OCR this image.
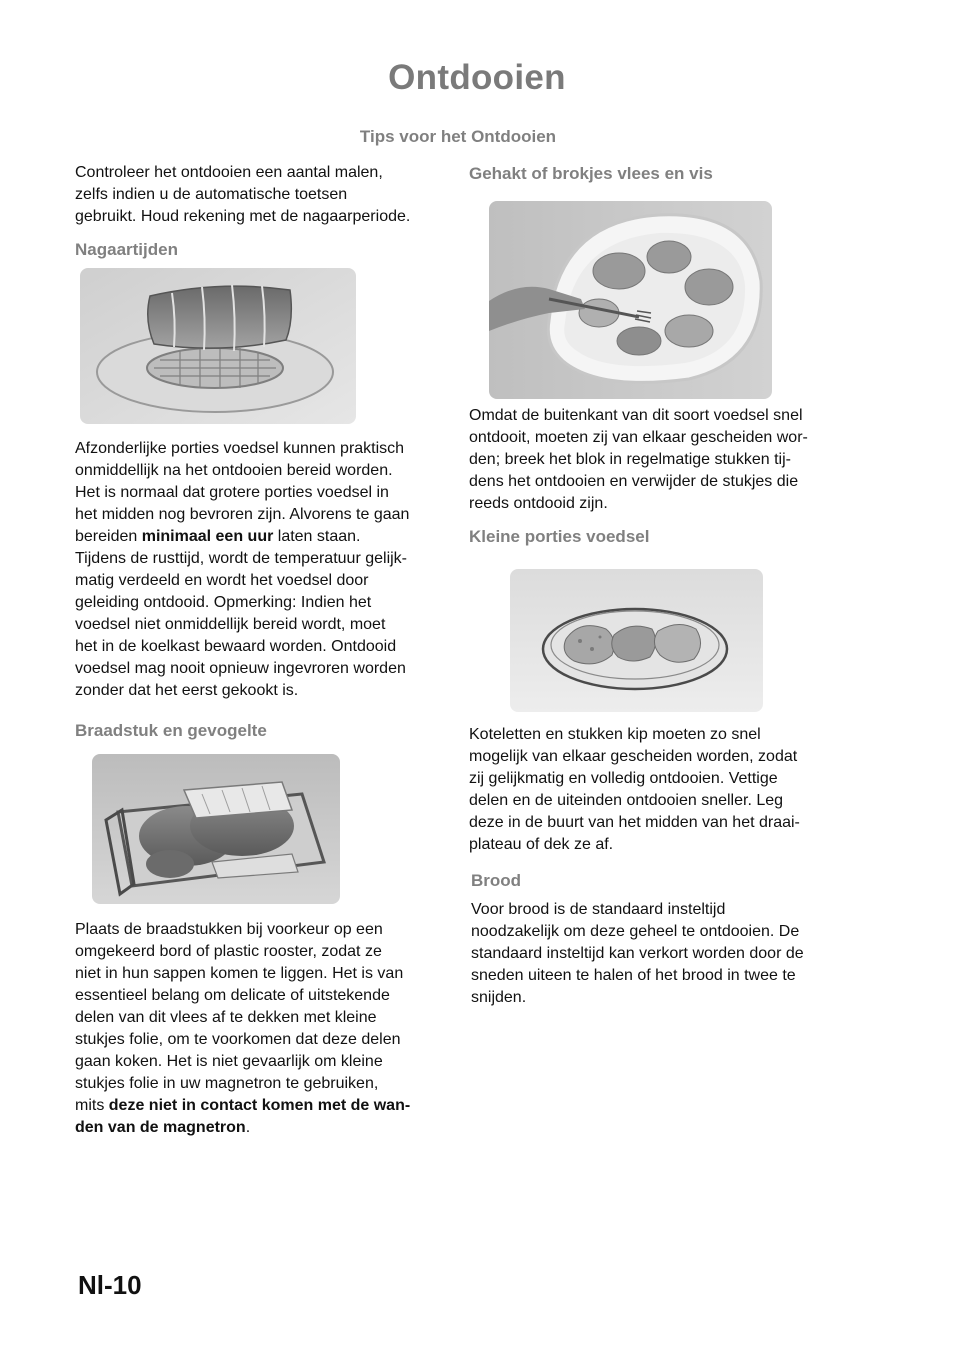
Ontdooien
Tips voor het Ontdooien
Controleer het ontdooien een aantal malen,
zelfs indien u de automatische toetsen
gebruikt. Houd rekening met de nagaarperiode.
Nagaartijden
Afzonderlijke porties voedsel kunnen praktisch
onmiddellijk na het ontdooien bereid worden.
Het is normaal dat grotere porties voedsel in
het midden nog bevroren zijn. Alvorens te gaan
bereiden minimaal een uur laten staan.
Tijdens de rusttijd, wordt de temperatuur gelijk-
matig verdeeld en wordt het voedsel door
geleiding ontdooid. Opmerking: Indien het
voedsel niet onmiddellijk bereid wordt, moet
het in de koelkast bewaard worden. Ontdooid
voedsel mag nooit opnieuw ingevroren worden
zonder dat het eerst gekookt is.
Braadstuk en gevogelte
Plaats de braadstukken bij voorkeur op een
omgekeerd bord of plastic rooster, zodat ze
niet in hun sappen komen te liggen. Het is van
essentieel belang om delicate of uitstekende
delen van dit vlees af te dekken met kleine
stukjes folie, om te voorkomen dat deze delen
gaan koken. Het is niet gevaarlijk om kleine
stukjes folie in uw magnetron te gebruiken,
mits deze niet in contact komen met de wan-
den van de magnetron.
Gehakt of brokjes vlees en vis
Omdat de buitenkant van dit soort voedsel snel
ontdooit, moeten zij van elkaar gescheiden wor-
den; breek het blok in regelmatige stukken tij-
dens het ontdooien en verwijder de stukjes die
reeds ontdooid zijn.
Kleine porties voedsel
Koteletten en stukken kip moeten zo snel
mogelijk van elkaar gescheiden worden, zodat
zij gelijkmatig en volledig ontdooien. Vettige
delen en de uiteinden ontdooien sneller. Leg
deze in de buurt van het midden van het draai-
plateau of dek ze af.
Brood
Voor brood is de standaard insteltijd
noodzakelijk om deze geheel te ontdooien. De
standaard insteltijd kan verkort worden door de
sneden uiteen te halen of het brood in twee te
snijden.
Nl-10
